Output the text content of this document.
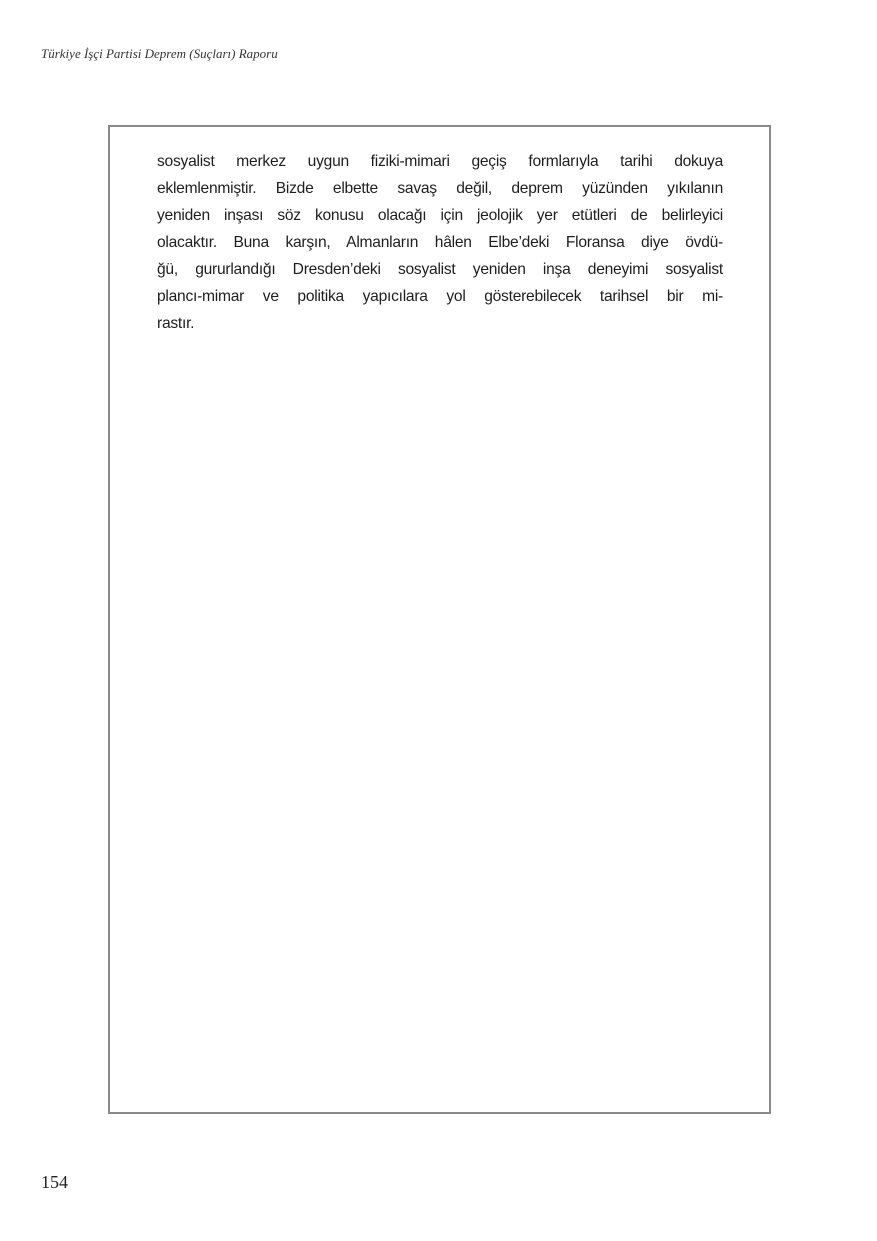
Türkiye İşçi Partisi Deprem (Suçları) Raporu
sosyalist merkez uygun fiziki-mimari geçiş formlarıyla tarihi dokuya
eklemlenmiştir. Bizde elbette savaş değil, deprem yüzünden yıkılanın
yeniden inşası söz konusu olacağı için jeolojik yer etütleri de belirleyici
olacaktır. Buna karşın, Almanların hâlen Elbe’deki Floransa diye övdü-
ğü, gururlandığı Dresden’deki sosyalist yeniden inşa deneyimi sosyalist
plancı-mimar ve politika yapıcılara yol gösterebilecek tarihsel bir mi-
rastır.
154
